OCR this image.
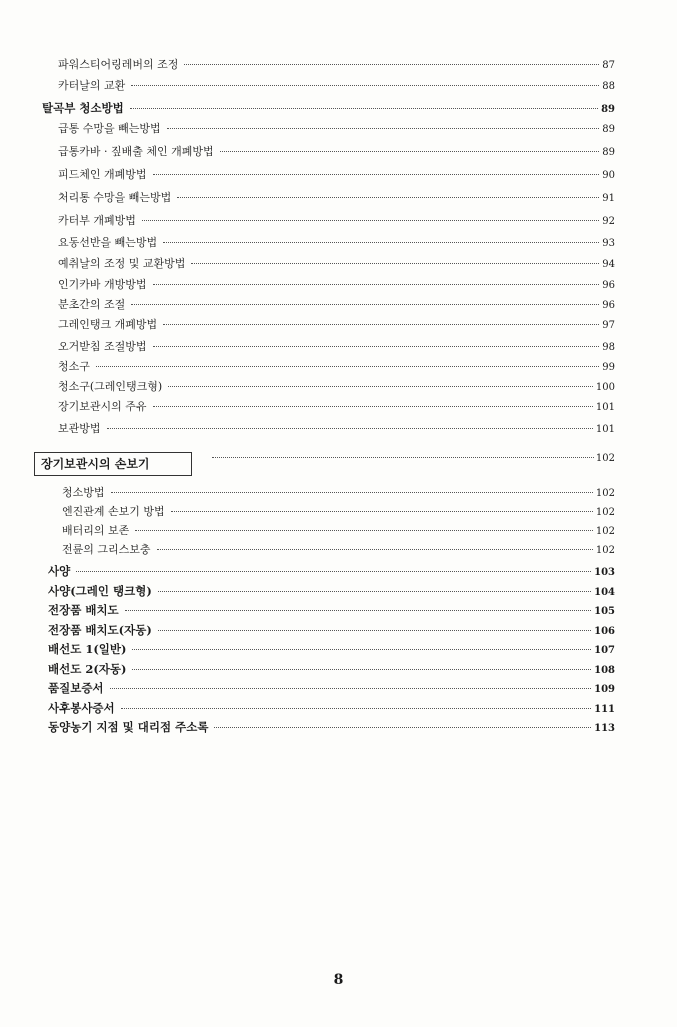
파워스티어링레버의 조정	87
카터날의 교환	88
탈곡부 청소방법	89
급통 수망을 빼는방법	89
급통카바 · 짚배출 체인 개폐방법	89
피드체인 개폐방법	90
처리통 수망을 빼는방법	91
카터부 개폐방법	92
요동선반을 빼는방법	93
예취날의 조정 및 교환방법	94
인기카바 개방방법	96
분초간의 조절	96
그레인탱크 개폐방법	97
오거받침 조절방법	98
청소구	99
청소구(그레인탱크형)	100
장기보관시의 주유	101
보관방법	101
장기보관시의 손보기	102
청소방법	102
엔진관계 손보기 방법	102
배터리의 보존	102
전륜의 그리스보충	102
사양	103
사양(그레인 탱크형)	104
전장품 배치도	105
전장품 배치도(자동)	106
배선도 1(일반)	107
배선도 2(자동)	108
품질보증서	109
사후봉사증서	111
동양농기 지점 및 대리점 주소록	113
8
